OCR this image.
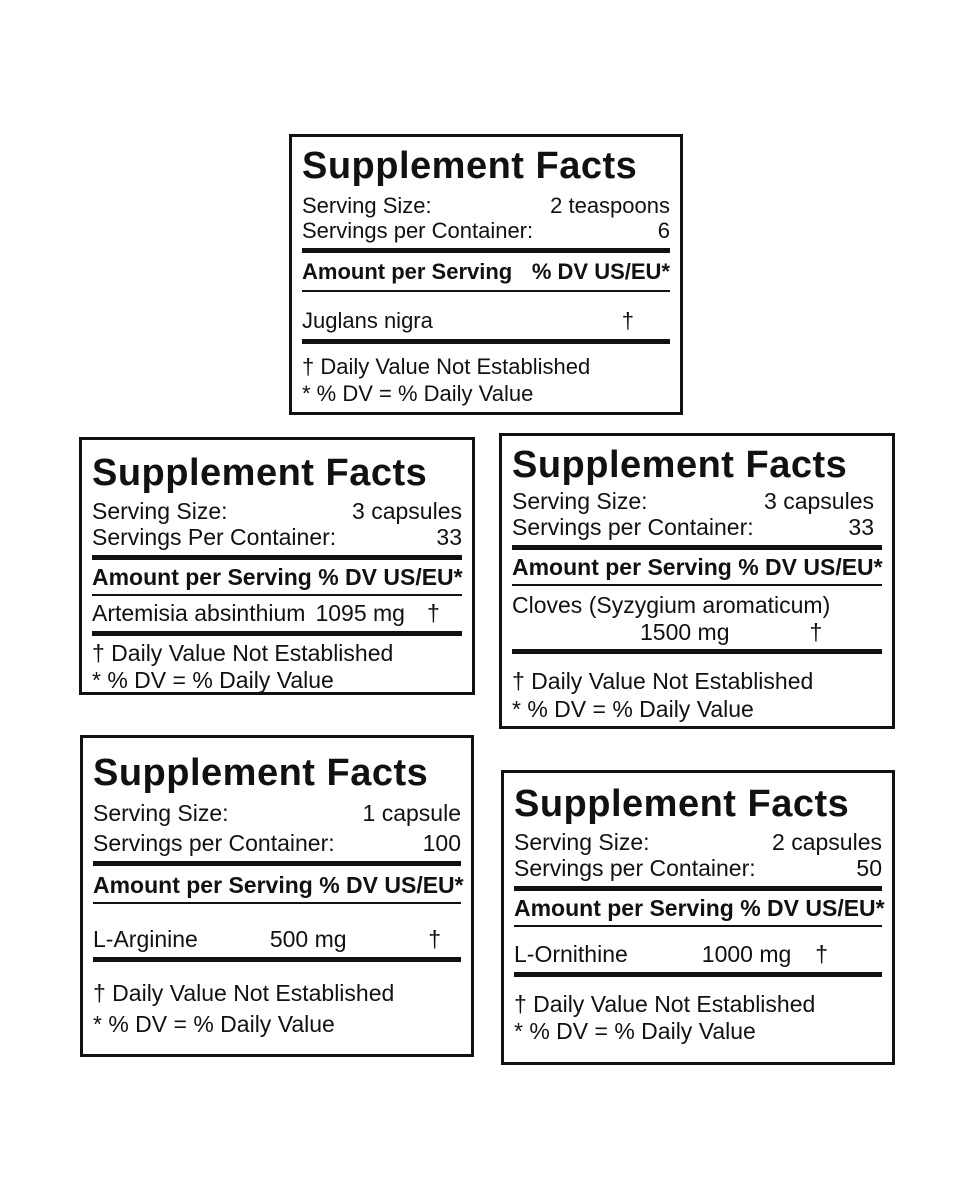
Supplement Facts
Serving Size:	2 teaspoons
Servings per Container:	6
Amount per Serving % DV US/EU*
Juglans nigra	†
† Daily Value Not Established
* % DV = % Daily Value
Supplement Facts
Serving Size:	3 capsules
Servings Per Container:	33
Amount per Serving % DV US/EU*
Artemisia absinthium 1095 mg †
† Daily Value Not Established
* % DV = % Daily Value
Supplement Facts
Serving Size:	3 capsules
Servings per Container:	33
Amount per Serving % DV US/EU*
Cloves (Syzygium aromaticum)
1500 mg	†
† Daily Value Not Established
* % DV = % Daily Value
Supplement Facts
Serving Size:	1 capsule
Servings per Container:	100
Amount per Serving % DV US/EU*
L-Arginine	500 mg	†
† Daily Value Not Established
* % DV = % Daily Value
Supplement Facts
Serving Size:	2 capsules
Servings per Container:	50
Amount per Serving % DV US/EU*
L-Ornithine	1000 mg †
† Daily Value Not Established
* % DV = % Daily Value
